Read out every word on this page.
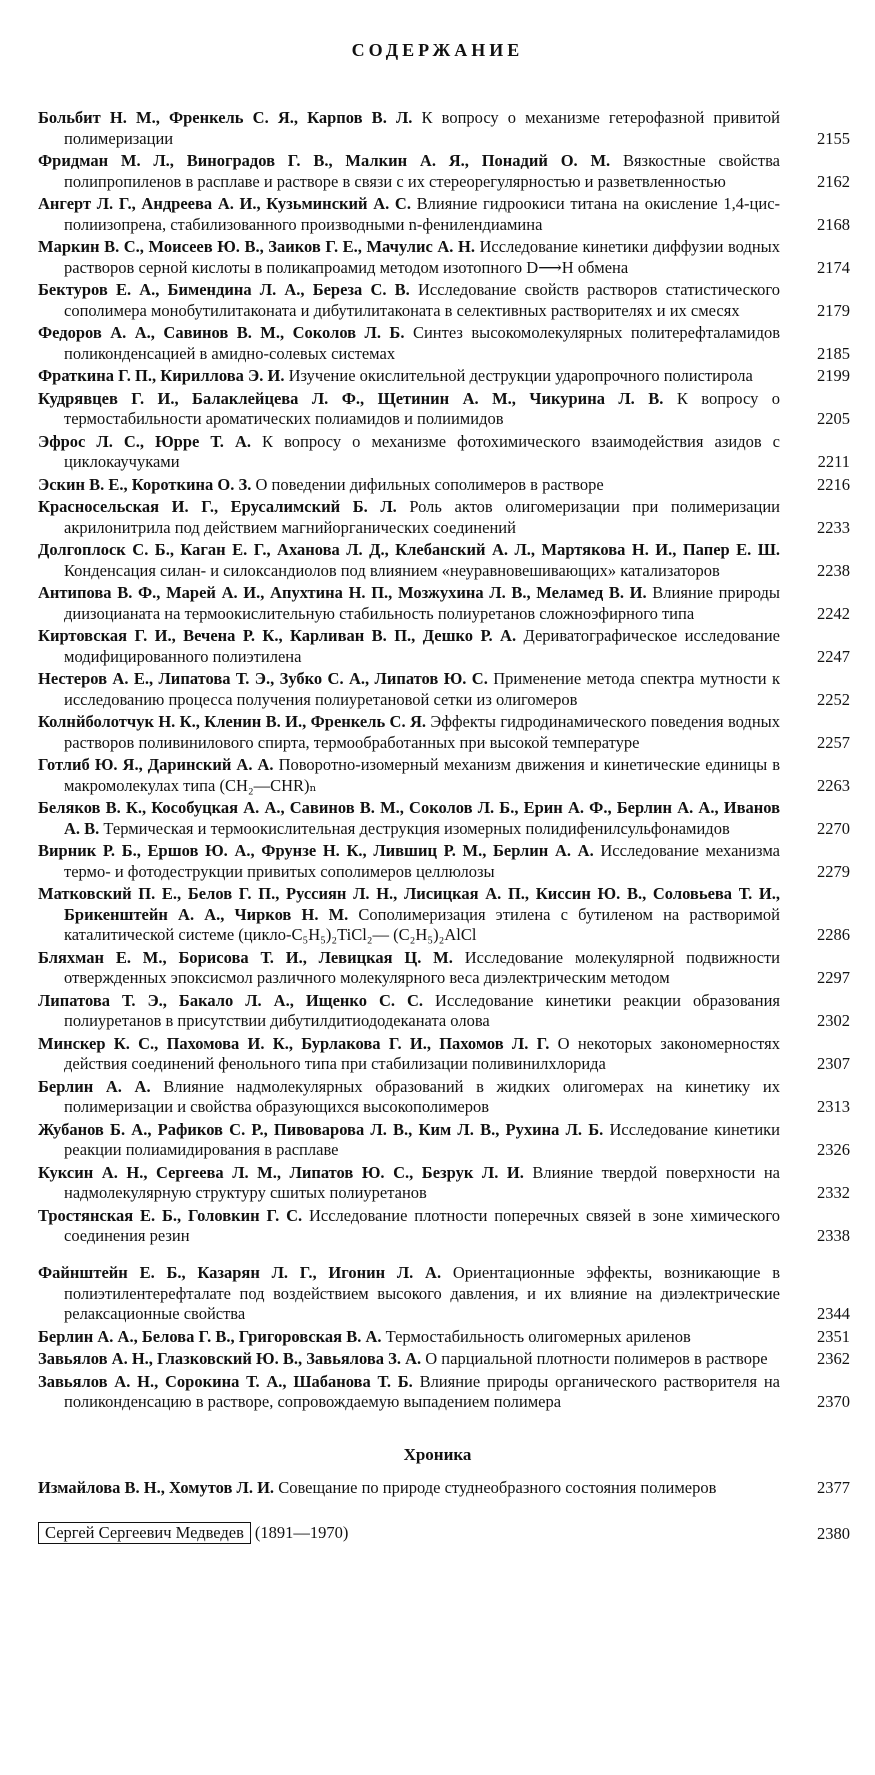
СОДЕРЖАНИЕ
Больбит Н. М., Френкель С. Я., Карпов В. Л. К вопросу о механизме гетерофазной привитой полимеризации	2155
Фридман М. Л., Виноградов Г. В., Малкин А. Я., Понадий О. М. Вязкостные свойства полипропиленов в расплаве и растворе в связи с их стереорегулярностью и разветвленностью	2162
Ангерт Л. Г., Андреева А. И., Кузьминский А. С. Влияние гидроокиси титана на окисление 1,4-цис-полиизопрена, стабилизованного производными n-фенилендиамина	2168
Маркин В. С., Моисеев Ю. В., Заиков Г. Е., Мачулис А. Н. Исследование кинетики диффузии водных растворов серной кислоты в поликапроамид методом изотопного D⟶H обмена	2174
Бектуров Е. А., Бимендина Л. А., Береза С. В. Исследование свойств растворов статистического сополимера монобутилитаконата и дибутилитаконата в селективных растворителях и их смесях	2179
Федоров А. А., Савинов В. М., Соколов Л. Б. Синтез высокомолекулярных политерефталамидов поликонденсацией в амидно-солевых системах	2185
Фраткина Г. П., Кириллова Э. И. Изучение окислительной деструкции ударопрочного полистирола	2199
Кудрявцев Г. И., Балаклейцева Л. Ф., Щетинин А. М., Чикурина Л. В. К вопросу о термостабильности ароматических полиамидов и полиимидов	2205
Эфрос Л. С., Юрре Т. А. К вопросу о механизме фотохимического взаимодействия азидов с циклокаучуками	2211
Эскин В. Е., Короткина О. З. О поведении дифильных сополимеров в растворе	2216
Красносельская И. Г., Ерусалимский Б. Л. Роль актов олигомеризации при полимеризации акрилонитрила под действием магнийорганических соединений	2233
Долгоплоск С. Б., Каган Е. Г., Аханова Л. Д., Клебанский А. Л., Мартякова Н. И., Папер Е. Ш. Конденсация силан- и силоксандиолов под влиянием «неуравновешивающих» катализаторов	2238
Антипова В. Ф., Марей А. И., Апухтина Н. П., Мозжухина Л. В., Меламед В. И. Влияние природы диизоцианата на термоокислительную стабильность полиуретанов сложноэфирного типа	2242
Киртовская Г. И., Вечена Р. К., Карливан В. П., Дешко Р. А. Дериватографическое исследование модифицированного полиэтилена	2247
Нестеров А. Е., Липатова Т. Э., Зубко С. А., Липатов Ю. С. Применение метода спектра мутности к исследованию процесса получения полиуретановой сетки из олигомеров	2252
Колнйболотчук Н. К., Кленин В. И., Френкель С. Я. Эффекты гидродинамического поведения водных растворов поливинилового спирта, термообработанных при высокой температуре	2257
Готлиб Ю. Я., Даринский А. А. Поворотно-изомерный механизм движения и кинетические единицы в макромолекулах типа (CH₂—CHR)ₙ	2263
Беляков В. К., Кособуцкая А. А., Савинов В. М., Соколов Л. Б., Ерин А. Ф., Берлин А. А., Иванов А. В. Термическая и термоокислительная деструкция изомерных полидифенилсульфонамидов	2270
Вирник Р. Б., Ершов Ю. А., Фрунзе Н. К., Лившиц Р. М., Берлин А. А. Исследование механизма термо- и фотодеструкции привитых сополимеров целлюлозы	2279
Матковский П. Е., Белов Г. П., Руссиян Л. Н., Лисицкая А. П., Киссин Ю. В., Соловьева Т. И., Брикенштейн А. А., Чирков Н. М. Сополимеризация этилена с бутиленом на растворимой каталитической системе (цикло-C₅H₅)₂TiCl₂— (C₂H₅)₂AlCl	2286
Бляхман Е. М., Борисова Т. И., Левицкая Ц. М. Исследование молекулярной подвижности отвержденных эпоксисмол различного молекулярного веса диэлектрическим методом	2297
Липатова Т. Э., Бакало Л. А., Ищенко С. С. Исследование кинетики реакции образования полиуретанов в присутствии дибутилдитиододеканата олова	2302
Минскер К. С., Пахомова И. К., Бурлакова Г. И., Пахомов Л. Г. О некоторых закономерностях действия соединений фенольного типа при стабилизации поливинилхлорида	2307
Берлин А. А. Влияние надмолекулярных образований в жидких олигомерах на кинетику их полимеризации и свойства образующихся высокополимеров	2313
Жубанов Б. А., Рафиков С. Р., Пивоварова Л. В., Ким Л. В., Рухина Л. Б. Исследование кинетики реакции полиамидирования в расплаве	2326
Куксин А. Н., Сергеева Л. М., Липатов Ю. С., Безрук Л. И. Влияние твердой поверхности на надмолекулярную структуру сшитых полиуретанов	2332
Тростянская Е. Б., Головкин Г. С. Исследование плотности поперечных связей в зоне химического соединения резин	2338
Файнштейн Е. Б., Казарян Л. Г., Игонин Л. А. Ориентационные эффекты, возникающие в полиэтилентерефталате под воздействием высокого давления, и их влияние на диэлектрические релаксационные свойства	2344
Берлин А. А., Белова Г. В., Григоровская В. А. Термостабильность олигомерных ариленов	2351
Завьялов А. Н., Глазковский Ю. В., Завьялова З. А. О парциальной плотности полимеров в растворе	2362
Завьялов А. Н., Сорокина Т. А., Шабанова Т. Б. Влияние природы органического растворителя на поликонденсацию в растворе, сопровождаемую выпадением полимера	2370
Хроника
Измайлова В. Н., Хомутов Л. И. Совещание по природе студнеобразного состояния полимеров	2377
Сергей Сергеевич Медведев (1891—1970)	2380
